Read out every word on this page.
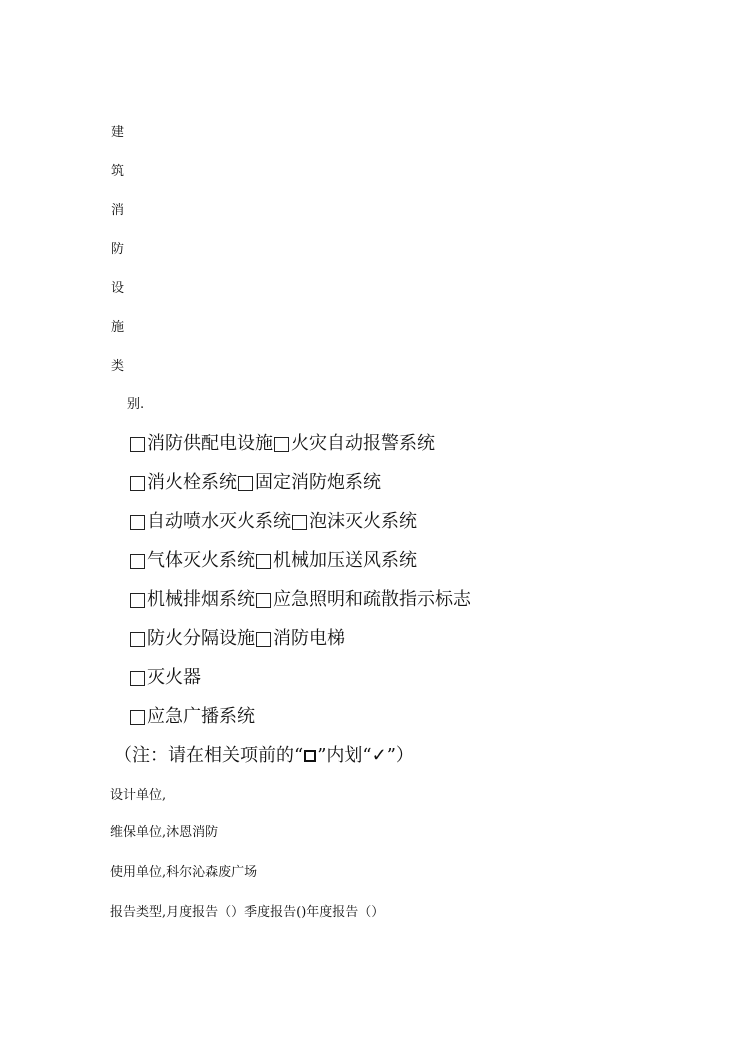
建
筑
消
防
设
施
类
别.
消防供配电设施 火灾自动报警系统
消火栓系统 固定消防炮系统
自动喷水灭火系统 泡沫灭火系统
气体灭火系统 机械加压送风系统
机械排烟系统 应急照明和疏散指示标志
防火分隔设施 消防电梯
灭火器
应急广播系统
（注：请在相关项前的“ ”内划“ ✓ ”）
设计单位,
维保单位,沐恩消防
使用单位,科尔沁森废广场
报告类型,月度报告（）季度报告()年度报告（）
